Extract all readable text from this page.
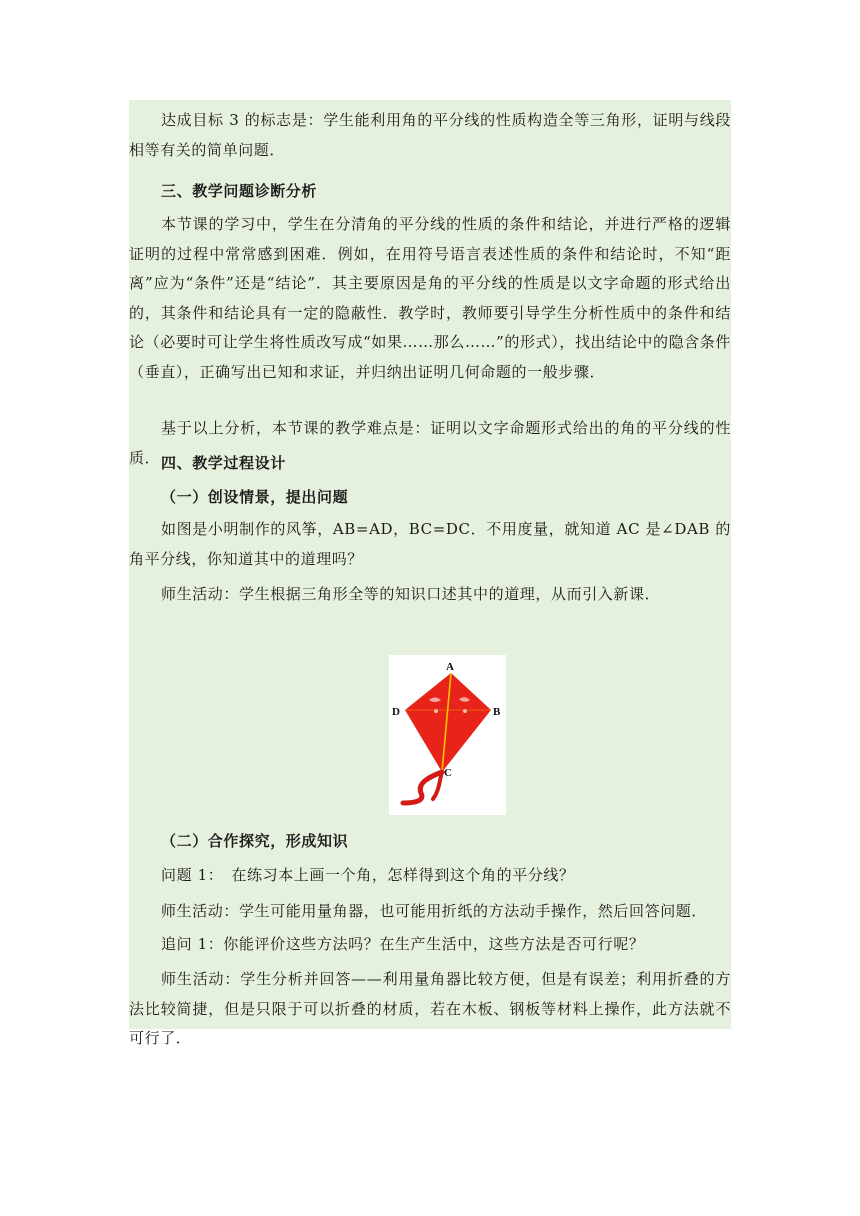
达成目标 3 的标志是：学生能利用角的平分线的性质构造全等三角形，证明与线段相等有关的简单问题．

三、教学问题诊断分析

本节课的学习中，学生在分清角的平分线的性质的条件和结论，并进行严格的逻辑证明的过程中常常感到困难．例如，在用符号语言表述性质的条件和结论时，不知“距离”应为“条件”还是“结论”．其主要原因是角的平分线的性质是以文字命题的形式给出的，其条件和结论具有一定的隐蔽性．教学时，教师要引导学生分析性质中的条件和结论（必要时可让学生将性质改写成“如果……那么……”的形式），找出结论中的隐含条件（垂直），正确写出已知和求证，并归纳出证明几何命题的一般步骤．

基于以上分析，本节课的教学难点是：证明以文字命题形式给出的角的平分线的性质． 四、教学过程设计

（一）创设情景，提出问题

如图是小明制作的风筝，AB=AD，BC=DC．不用度量，就知道 AC 是∠DAB 的角平分线，你知道其中的道理吗？

师生活动：学生根据三角形全等的知识口述其中的道理，从而引入新课．

A
B
C
D

（二）合作探究，形成知识

问题 1：　在练习本上画一个角，怎样得到这个角的平分线？

师生活动：学生可能用量角器，也可能用折纸的方法动手操作，然后回答问题．

追问 1：你能评价这些方法吗？在生产生活中，这些方法是否可行呢？

师生活动：学生分析并回答——利用量角器比较方便，但是有误差；利用折叠的方法比较简捷，但是只限于可以折叠的材质，若在木板、钢板等材料上操作，此方法就不可行了．
